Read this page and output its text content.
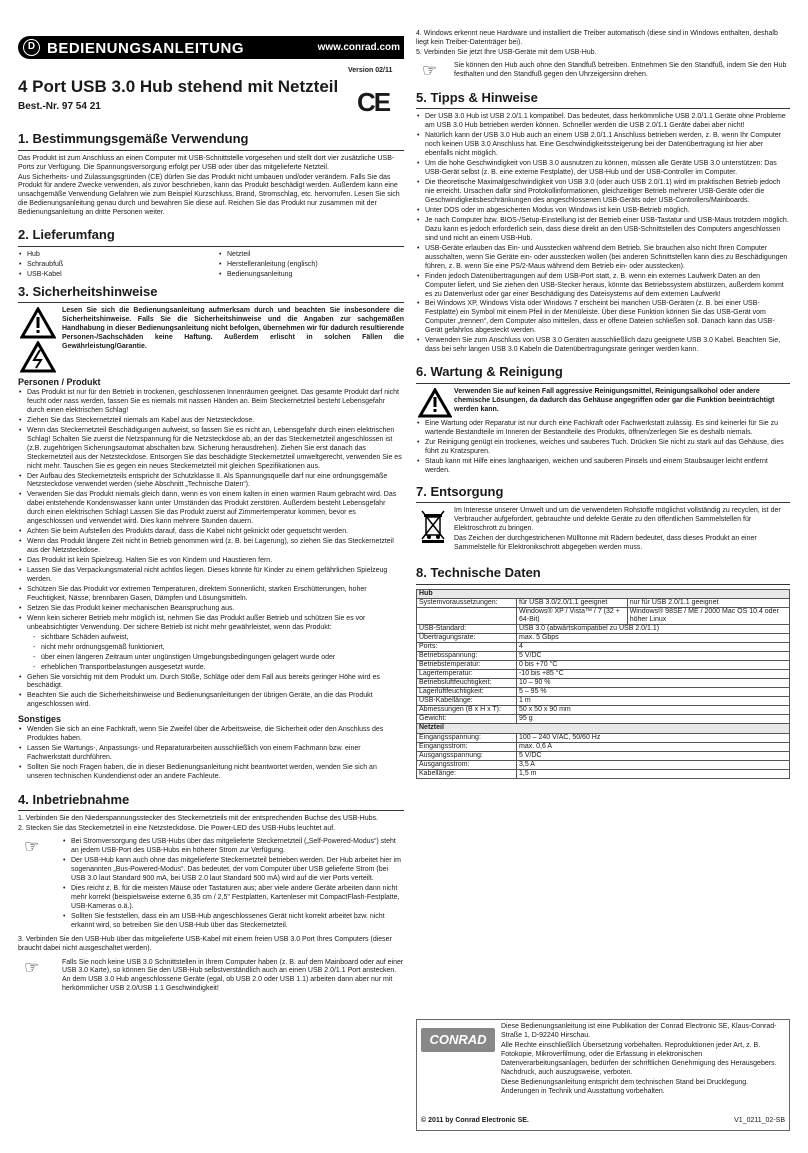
D BEDIENUNGSANLEITUNG	www.conrad.com
4 Port USB 3.0 Hub stehend mit Netzteil
Version 02/11
Best.-Nr. 97 54 21	CE
1. Bestimmungsgemäße Verwendung

Das Produkt ist zum Anschluss an einen Computer mit USB-Schnittstelle vorgesehen und stellt dort vier zusätzliche USB-Ports zur Verfügung. Die Spannungsversorgung erfolgt per USB oder über das mitgelieferte Netzteil.

Aus Sicherheits- und Zulassungsgründen (CE) dürfen Sie das Produkt nicht umbauen und/oder verändern. Falls Sie das Produkt für andere Zwecke verwenden, als zuvor beschrieben, kann das Produkt beschädigt werden. Außerdem kann eine unsachgemäße Verwendung Gefahren wie zum Beispiel Kurzschluss, Brand, Stromschlag, etc. hervorrufen. Lesen Sie sich die Bedienungsanleitung genau durch und bewahren Sie diese auf. Reichen Sie das Produkt nur zusammen mit der Bedienungsanleitung an dritte Personen weiter.

2. Lieferumfang
• Hub
• Schraubfuß
• USB-Kabel
• Netzteil
• Herstelleranleitung (englisch)
• Bedienungsanleitung
3. Sicherheitshinweise

Lesen Sie sich die Bedienungsanleitung aufmerksam durch und beachten Sie insbesondere die Sicherheitshinweise. Falls Sie die Sicherheitshinweise und die Angaben zur sachgemäßen Handhabung in dieser Bedienungsanleitung nicht befolgen, übernehmen wir für dadurch resultierende Personen-/Sachschäden keine Haftung. Außerdem erlischt in solchen Fällen die Gewährleistung/Garantie.

Personen / Produkt
• Das Produkt ist nur für den Betrieb in trockenen, geschlossenen Innenräumen geeignet. Das gesamte Produkt darf nicht feucht oder nass werden, fassen Sie es niemals mit nassen Händen an. Beim Steckernetzteil besteht Lebensgefahr durch einen elektrischen Schlag!
• Ziehen Sie das Steckernetzteil niemals am Kabel aus der Netzsteckdose.
• Wenn das Steckernetzteil Beschädigungen aufweist, so fassen Sie es nicht an, Lebensgefahr durch einen elektrischen Schlag! Schalten Sie zuerst die Netzspannung für die Netzsteckdose ab, an der das Steckernetzteil angeschlossen ist (z.B. zugehörigen Sicherungsautomat abschalten bzw. Sicherung herausdrehen). Ziehen Sie erst danach das Steckernetzteil aus der Netzsteckdose. Entsorgen Sie das beschädigte Steckernetzteil umweltgerecht, verwenden Sie es nicht mehr. Tauschen Sie es gegen ein neues Steckernetzteil mit gleichen Spezifikationen aus.
• Der Aufbau des Steckernetzteils entspricht der Schutzklasse II. Als Spannungsquelle darf nur eine ordnungsgemäße Netzsteckdose verwendet werden (siehe Abschnitt „Technische Daten“).
• Verwenden Sie das Produkt niemals gleich dann, wenn es von einem kalten in einen warmen Raum gebracht wird. Das dabei entstehende Kondenswasser kann unter Umständen das Produkt zerstören. Außerdem besteht Lebensgefahr durch einen elektrischen Schlag! Lassen Sie das Produkt zuerst auf Zimmertemperatur kommen, bevor es angeschlossen und verwendet wird. Dies kann mehrere Stunden dauern.
• Achten Sie beim Aufstellen des Produkts darauf, dass die Kabel nicht geknickt oder gequetscht werden.
• Wenn das Produkt längere Zeit nicht in Betrieb genommen wird (z. B. bei Lagerung), so ziehen Sie das Steckernetzteil aus der Netzsteckdose.
• Das Produkt ist kein Spielzeug. Halten Sie es von Kindern und Haustieren fern.
• Lassen Sie das Verpackungsmaterial nicht achtlos liegen. Dieses könnte für Kinder zu einem gefährlichen Spielzeug werden.
• Schützen Sie das Produkt vor extremen Temperaturen, direktem Sonnenlicht, starken Erschütterungen, hoher Feuchtigkeit, Nässe, brennbaren Gasen, Dämpfen und Lösungsmitteln.
• Setzen Sie das Produkt keiner mechanischen Beanspruchung aus.
• Wenn kein sicherer Betrieb mehr möglich ist, nehmen Sie das Produkt außer Betrieb und schützen Sie es vor unbeabsichtigter Verwendung. Der sichere Betrieb ist nicht mehr gewährleistet, wenn das Produkt:
- sichtbare Schäden aufweist,
- nicht mehr ordnungsgemäß funktioniert,
- über einen längeren Zeitraum unter ungünstigen Umgebungsbedingungen gelagert wurde oder
- erheblichen Transportbelastungen ausgesetzt wurde.
• Gehen Sie vorsichtig mit dem Produkt um. Durch Stöße, Schläge oder dem Fall aus bereits geringer Höhe wird es beschädigt.
• Beachten Sie auch die Sicherheitshinweise und Bedienungsanleitungen der übrigen Geräte, an die das Produkt angeschlossen wird.
Sonstiges
• Wenden Sie sich an eine Fachkraft, wenn Sie Zweifel über die Arbeitsweise, die Sicherheit oder den Anschluss des Produktes haben.
• Lassen Sie Wartungs-, Anpassungs- und Reparaturarbeiten ausschließlich von einem Fachmann bzw. einer Fachwerkstatt durchführen.
• Sollten Sie noch Fragen haben, die in dieser Bedienungsanleitung nicht beantwortet werden, wenden Sie sich an unseren technischen Kundendienst oder an andere Fachleute.
4. Inbetriebnahme

1. Verbinden Sie den Niederspannungsstecker des Steckernetzteils mit der entsprechenden Buchse des USB-Hubs.

2. Stecken Sie das Steckernetzteil in eine Netzsteckdose. Die Power-LED des USB-Hubs leuchtet auf.

☞	• Bei Stromversorgung des USB-Hubs über das mitgelieferte Steckernetzteil („Self-Powered-Modus“) steht an jedem USB-Port des USB-Hubs ein höherer Strom zur Verfügung.
• Der USB-Hub kann auch ohne das mitgelieferte Steckernetzteil betrieben werden. Der Hub arbeitet hier im sogenannten „Bus-Powered-Modus“. Das bedeutet, der vom Computer über USB gelieferte Strom (bei USB 3.0 laut Standard 900 mA, bei USB 2.0 laut Standard 500 mA) wird auf die vier Ports verteilt.
• Dies reicht z. B. für die meisten Mäuse oder Tastaturen aus; aber viele andere Geräte arbeiten dann nicht mehr korrekt (beispielsweise externe 6,35 cm / 2,5" Festplatten, Kartenleser mit CompactFlash-Festplatte, USB-Kameras o.ä.).
• Sollten Sie feststellen, dass ein am USB-Hub angeschlossenes Gerät nicht korrekt arbeitet bzw. nicht erkannt wird, so betreiben Sie den USB-Hub über das Steckernetzteil.

3. Verbinden Sie den USB-Hub über das mitgelieferte USB-Kabel mit einem freien USB 3.0 Port Ihres Computers (dieser braucht dabei nicht ausgeschaltet werden).

☞	Falls Sie noch keine USB 3.0 Schnittstellen in Ihrem Computer haben (z. B. auf dem Mainboard oder auf einer USB 3.0 Karte), so können Sie den USB-Hub selbstverständlich auch an einen USB 2.0/1.1 Port anstecken. An dem USB 3.0 Hub angeschlossene Geräte (egal, ob USB 2.0 oder USB 1.1) arbeiten dann aber nur mit herkömmlicher USB 2.0/USB 1.1 Geschwindigkeit!

4. Windows erkennt neue Hardware und installiert die Treiber automatisch (diese sind in Windows enthalten, deshalb liegt kein Treiber-Datenträger bei).

5. Verbinden Sie jetzt Ihre USB-Geräte mit dem USB-Hub.

☞ Sie können den Hub auch ohne den Standfuß betreiben. Entnehmen Sie den Standfuß, indem Sie den Hub festhalten und den Standfuß gegen den Uhrzeigersinn drehen.

5. Tipps & Hinweise
• Der USB 3.0 Hub ist USB 2.0/1.1 kompatibel. Das bedeutet, dass herkömmliche USB 2.0/1.1 Geräte ohne Probleme am USB 3.0 Hub betrieben werden können. Schneller werden die USB 2.0/1.1 Geräte dabei aber nicht!
• Natürlich kann der USB 3.0 Hub auch an einem USB 2.0/1.1 Anschluss betrieben werden, z. B. wenn Ihr Computer noch keinen USB 3.0 Anschluss hat. Eine Geschwindigkeitssteigerung bei der Datenübertragung ist hier aber ebenfalls nicht möglich.
• Um die hohe Geschwindigkeit von USB 3.0 ausnutzen zu können, müssen alle Geräte USB 3.0 unterstützen: Das USB-Gerät selbst (z. B. eine externe Festplatte), der USB-Hub und der USB-Controller im Computer.
• Die theoretische Maximalgeschwindigkeit von USB 3.0 (oder auch USB 2.0/1.1) wird im praktischen Betrieb jedoch nie erreicht. Ursachen dafür sind Protokollinformationen, gleichzeitiger Betrieb mehrerer USB-Geräte oder die Geschwindigkeitsbeschränkungen des angeschlossenen USB-Geräts oder USB-Controllers/Mainboards.
• Unter DOS oder im abgesicherten Modus von Windows ist kein USB-Betrieb möglich.
• Je nach Computer bzw. BIOS-/Setup-Einstellung ist der Betrieb einer USB-Tastatur und USB-Maus trotzdem möglich. Dazu kann es jedoch erforderlich sein, dass diese direkt an den USB-Schnittstellen des Computers angeschlossen sind und nicht an einem USB-Hub.
• USB-Geräte erlauben das Ein- und Ausstecken während dem Betrieb. Sie brauchen also nicht Ihren Computer ausschalten, wenn Sie Geräte ein- oder ausstecken wollen (bei anderen Schnittstellen kann dies zu Beschädigungen führen, z. B. wenn Sie eine PS/2-Maus während dem Betrieb ein- oder ausstecken).
• Finden jedoch Datenübertragungen auf dem USB-Port statt, z. B. wenn ein externes Laufwerk Daten an den Computer liefert, und Sie ziehen den USB-Stecker heraus, könnte das Betriebssystem abstürzen, außerdem kommt es zu Datenverlust oder gar einer Beschädigung des Dateisystems auf dem externen Laufwerk!
• Bei Windows XP, Windows Vista oder Windows 7 erscheint bei manchen USB-Geräten (z. B. bei einer USB-Festplatte) ein Symbol mit einem Pfeil in der Menüleiste. Über diese Funktion können Sie das USB-Gerät vom Computer „trennen“, dem Computer also mitteilen, dass er offene Dateien schließen soll. Danach kann das USB-Gerät gefahrlos abgesteckt werden.
• Verwenden Sie zum Anschluss von USB 3.0 Geräten ausschließlich dazu geeignete USB 3.0 Kabel. Beachten Sie, dass bei sehr langen USB 3.0 Kabeln die Datenübertragungsrate geringer werden kann.
6. Wartung & Reinigung

Verwenden Sie auf keinen Fall aggressive Reinigungsmittel, Reinigungsalkohol oder andere chemische Lösungen, da dadurch das Gehäuse angegriffen oder gar die Funktion beeinträchtigt werden kann.

• Eine Wartung oder Reparatur ist nur durch eine Fachkraft oder Fachwerkstatt zulässig. Es sind keinerlei für Sie zu wartende Bestandteile im Inneren der Bestandteile des Produkts, öffnen/zerlegen Sie es deshalb niemals.
• Zur Reinigung genügt ein trockenes, weiches und sauberes Tuch. Drücken Sie nicht zu stark auf das Gehäuse, dies führt zu Kratzspuren.
• Staub kann mit Hilfe eines langhaarigen, weichen und sauberen Pinsels und einem Staubsauger leicht entfernt werden.
7. Entsorgung

Im Interesse unserer Umwelt und um die verwendeten Rohstoffe möglichst vollständig zu recyclen, ist der Verbraucher aufgefordert, gebrauchte und defekte Geräte zu den öffentlichen Sammelstellen für Elektroschrott zu bringen.

Das Zeichen der durchgestrichenen Mülltonne mit Rädern bedeutet, dass dieses Produkt an einer Sammelstelle für Elektronikschrott abgegeben werden muss.

8. Technische Daten
Hub		
Systemvoraussetzungen:	für USB 3.0/2.0/1.1 geeignet	nur für USB 2.0/1.1 geeignet
	Windows® XP / Vista™ / 7 (32 + 64-Bit)	Windows® 98SE / ME / 2000 Mac OS 10.4 oder höher Linux
USB-Standard:	USB 3.0 (abwärtskompatibel zu USB 2.0/1.1)	
Übertragungsrate:	max. 5 Gbps	
Ports:	4	
Betriebsspannung:	5 V/DC	
Betriebstemperatur:	0 bis +70 °C	
Lagertemperatur:	-10 bis +85 °C	
Betriebsluftfeuchtigkeit:	10 – 90 %	
Lagerluftfeuchtigkeit:	5 – 95 %	
USB-Kabellänge:	1 m	
Abmessungen (B x H x T):	50 x 50 x 90 mm	
Gewicht:	95 g	
Netzteil		
Eingangsspannung:	100 – 240 V/AC, 50/60 Hz	
Eingangsstrom:	max. 0,6 A	
Ausgangsspannung:	5 V/DC	
Ausgangsstrom:	3,5 A	
Kabellänge:	1,5 m	
CONRAD

Diese Bedienungsanleitung ist eine Publikation der Conrad Electronic SE, Klaus-Conrad-Straße 1, D-92240 Hirschau.

Alle Rechte einschließlich Übersetzung vorbehalten. Reproduktionen jeder Art, z. B. Fotokopie, Mikroverfilmung, oder die Erfassung in elektronischen Datenverarbeitungsanlagen, bedürfen der schriftlichen Genehmigung des Herausgebers. Nachdruck, auch auszugsweise, verboten.

Diese Bedienungsanleitung entspricht dem technischen Stand bei Drucklegung. Änderungen in Technik und Ausstattung vorbehalten.

© 2011 by Conrad Electronic SE.	V1_0211_02-SB
